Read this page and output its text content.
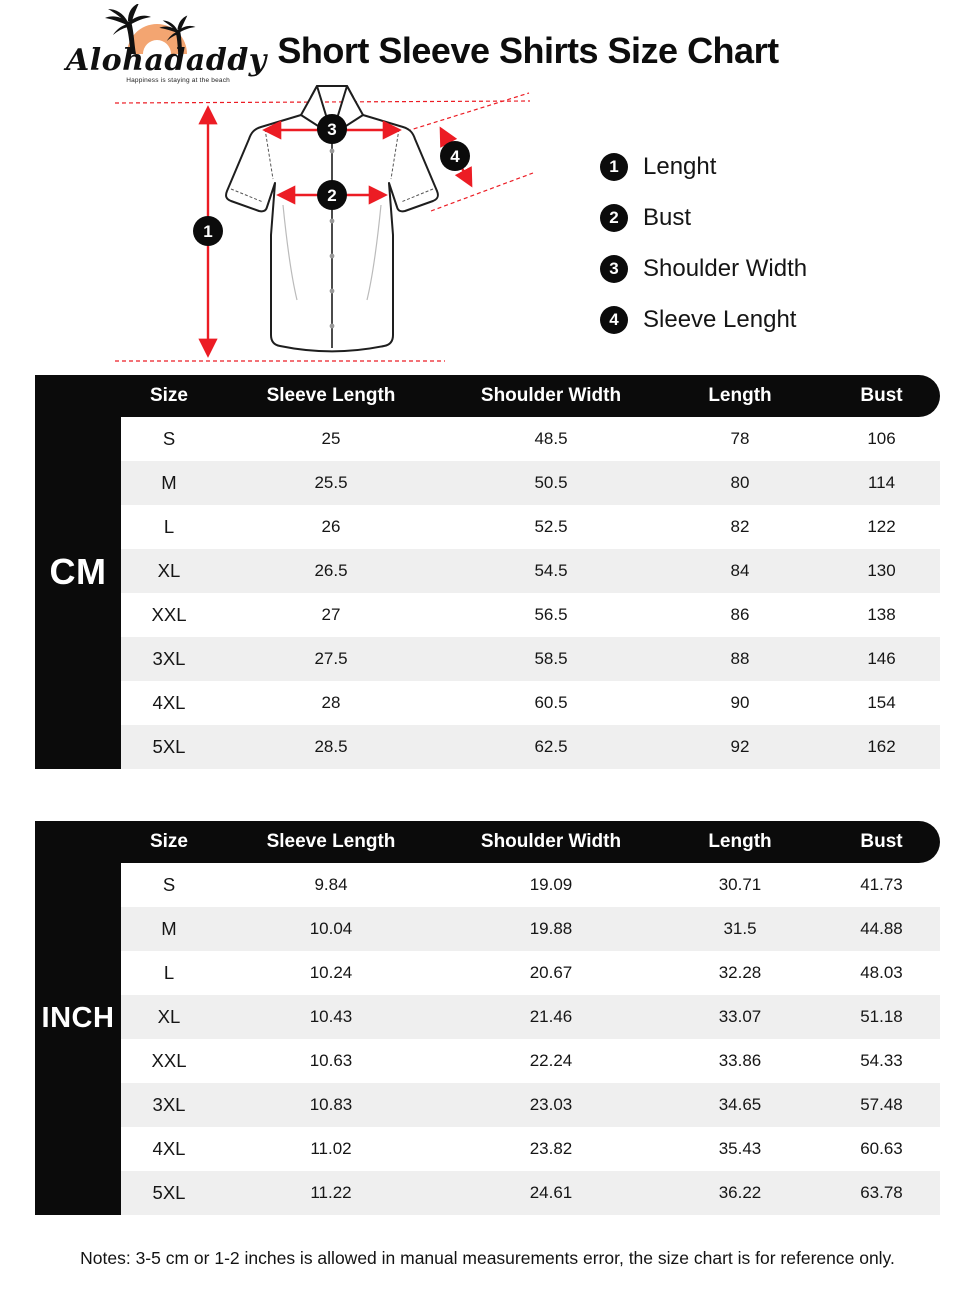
Alohadaddy
Happiness is staying at the beach
Short Sleeve Shirts Size Chart
1
2
3
4	1	Lenght
2	Bust
3	Shoulder Width
4	Sleeve Lenght
Size	Sleeve Length	Shoulder Width	Length	Bust
CM
S	25	48.5	78	106
M	25.5	50.5	80	114
L	26	52.5	82	122
XL	26.5	54.5	84	130
XXL	27	56.5	86	138
3XL	27.5	58.5	88	146
4XL	28	60.5	90	154
5XL	28.5	62.5	92	162
Size	Sleeve Length	Shoulder Width	Length	Bust
INCH
S	9.84	19.09	30.71	41.73
M	10.04	19.88	31.5	44.88
L	10.24	20.67	32.28	48.03
XL	10.43	21.46	33.07	51.18
XXL	10.63	22.24	33.86	54.33
3XL	10.83	23.03	34.65	57.48
4XL	11.02	23.82	35.43	60.63
5XL	11.22	24.61	36.22	63.78
Notes: 3-5 cm or 1-2 inches is allowed in manual measurements error, the size chart is for reference only.
